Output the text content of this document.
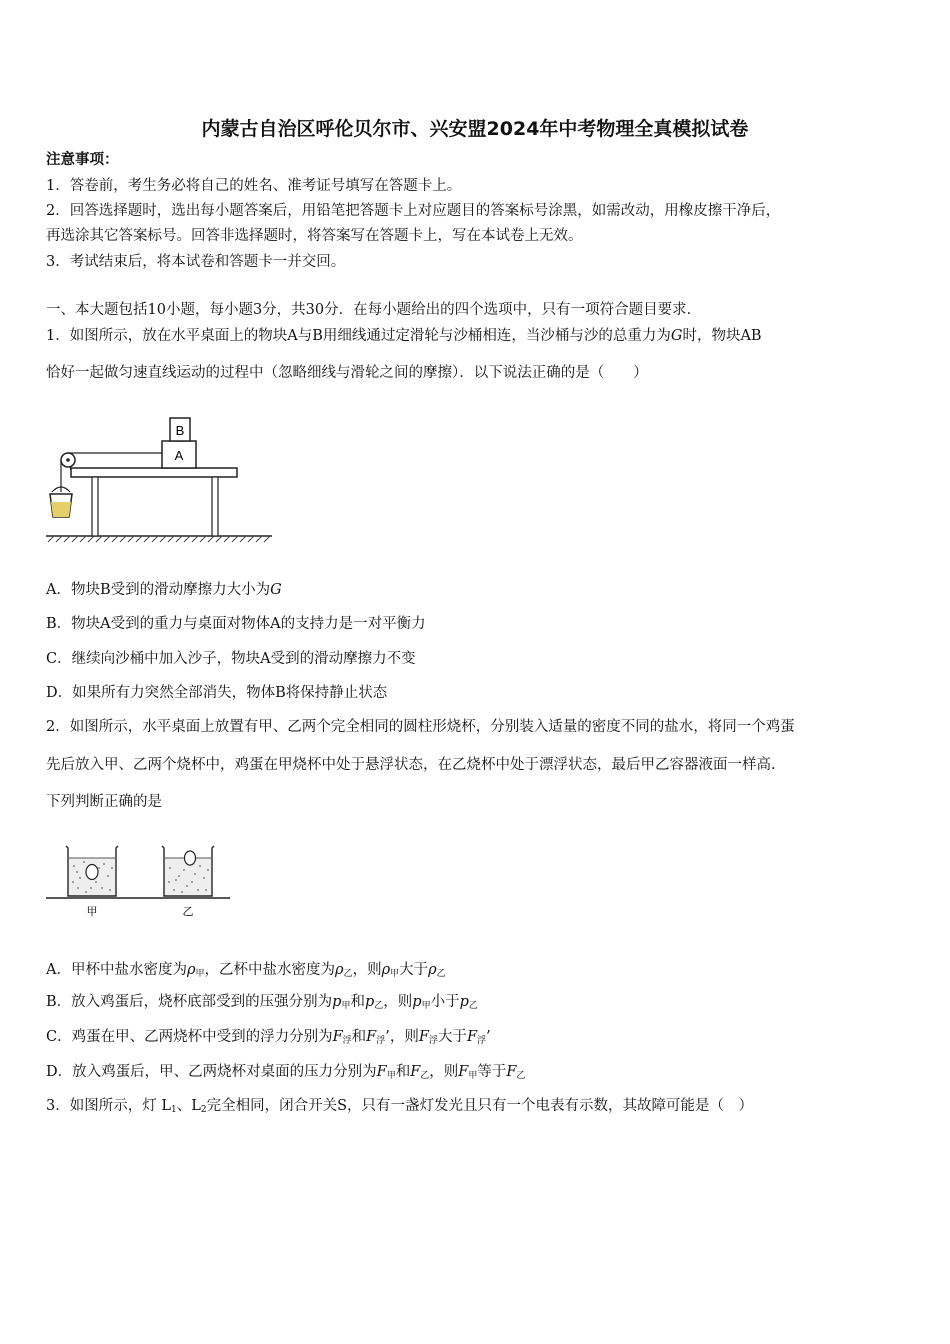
内蒙古自治区呼伦贝尔市、兴安盟2024年中考物理全真模拟试卷
注意事项：
1．答卷前，考生务必将自己的姓名、准考证号填写在答题卡上。
2．回答选择题时，选出每小题答案后，用铅笔把答题卡上对应题目的答案标号涂黑，如需改动，用橡皮擦干净后，
再选涂其它答案标号。回答非选择题时，将答案写在答题卡上，写在本试卷上无效。
3．考试结束后，将本试卷和答题卡一并交回。
一、本大题包括10小题，每小题3分，共30分．在每小题给出的四个选项中，只有一项符合题目要求．
1．如图所示，放在水平桌面上的物块A与B用细线通过定滑轮与沙桶相连，当沙桶与沙的总重力为G时，物块AB
恰好一起做匀速直线运动的过程中（忽略细线与滑轮之间的摩擦）．以下说法正确的是（　　）
A
B
A．物块B受到的滑动摩擦力大小为G
B．物块A受到的重力与桌面对物体A的支持力是一对平衡力
C．继续向沙桶中加入沙子，物块A受到的滑动摩擦力不变
D．如果所有力突然全部消失，物体B将保持静止状态
2．如图所示，水平桌面上放置有甲、乙两个完全相同的圆柱形烧杯，分别装入适量的密度不同的盐水，将同一个鸡蛋
先后放入甲、乙两个烧杯中，鸡蛋在甲烧杯中处于悬浮状态，在乙烧杯中处于漂浮状态，最后甲乙容器液面一样高.
下列判断正确的是
甲	乙
A．甲杯中盐水密度为$\rho_甲$，乙杯中盐水密度为$\rho_乙$，则$\rho_甲$大于$\rho_乙$
B．放入鸡蛋后，烧杯底部受到的压强分别为$p_甲$和$p_乙$，则$p_甲$小于$p_乙$
C．鸡蛋在甲、乙两烧杯中受到的浮力分别为$F_浮$和$F_浮$’，则$F_浮$大于$F_浮$’
D．放入鸡蛋后，甲、乙两烧杯对桌面的压力分别为$F_甲$和$F_乙$，则$F_甲$等于$F_乙$
3．如图所示，灯 $L_1$、$L_2$完全相同，闭合开关S，只有一盏灯发光且只有一个电表有示数，其故障可能是（　）
